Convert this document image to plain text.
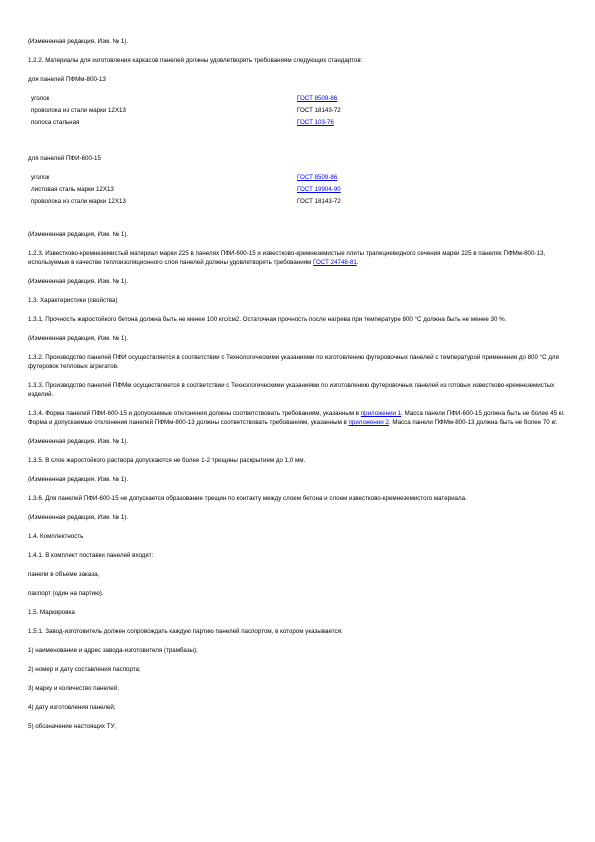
(Измененная редакция, Изм. № 1).

1.2.2. Материалы для изготовления каркасов панелей должны удовлетворять требованиям следующих стандартов:

для панелей ПФМм-800-13

уголок	ГОСТ 8509-86
проволока из стали марки 12Х13	ГОСТ 18143-72
полоса стальная	ГОСТ 103-76

для панелей ПФИ-600-15

уголок	ГОСТ 8509-86
листовая сталь марки 12Х13	ГОСТ 19904-90
проволока из стали марки 12Х13	ГОСТ 18143-72

(Измененная редакция, Изм. № 1).

1.2.3. Известково-кремнеземистый материал марки 225 в панелях ПФИ-600-15 и известково-кремнеземистые плиты трапециевидного сечения марки 225 в панелях ПФМм-800-13, используемые в качестве теплоизоляционного слоя панелей должны удовлетворять требованиям ГОСТ 24748-81.

(Измененная редакция, Изм. № 1).

1.3. Характеристики (свойства)

1.3.1. Прочность жаростойкого бетона должна быть не менее 100 кгс/см2. Остаточная прочность после нагрева при температуре 800 °С должна быть не менее 30 %.

(Измененная редакция, Изм. № 1).

1.3.2. Производство панелей ПФИ осуществляется в соответствии с Технологическими указаниями по изготовлению футеровочных панелей с температурой применения до 800 °С для футеровок тепловых агрегатов.

1.3.3. Производство панелей ПФМм осуществляется в соответствии с Технологическими указаниями по изготовлению футеровочных панелей из готовых известково-кремнеземистых изделий.

1.3.4. Форма панелей ПФИ-600-15 и допускаемые отклонения должны соответствовать требованиям, указанным в приложении 1. Масса панели ПФИ-600-15 должна быть не более 45 кг. Форма и допускаемые отклонения панелей ПФМм-800-13 должны соответствовать требованиям, указанным в приложении 2. Масса панели ПФМм-800-13 должна быть не более 70 кг.

(Измененная редакция, Изм. № 1).

1.3.5. В слое жаростойкого раствора допускаются не более 1-2 трещины раскрытием до 1,0 мм.

(Измененная редакция, Изм. № 1).

1.3.6. Для панелей ПФИ-600-15 не допускается образование трещин по контакту между слоем бетона и слоем известково-кремнеземистого материала.

(Измененная редакция, Изм. № 1).

1.4. Комплектность

1.4.1. В комплект поставки панелей входят:

панели в объеме заказа,

паспорт (один на партию).

1.5. Маркировка

1.5.1. Завод-изготовитель должен сопровождать каждую партию панелей паспортом, в котором указывается:

1) наименование и адрес завода-изготовителя (трамбазы);

2) номер и дату составления паспорта;

3) марку и количество панелей;

4) дату изготовления панелей;

5) обозначение настоящих ТУ;
